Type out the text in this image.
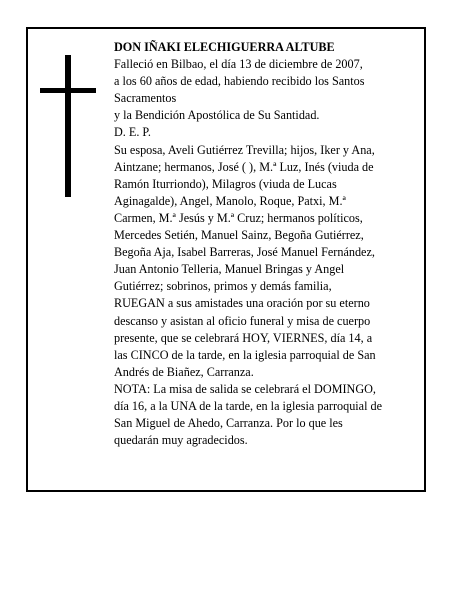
DON IÑAKI ELECHIGUERRA ALTUBE

Falleció en Bilbao, el día 13 de diciembre de 2007,

a los 60 años de edad, habiendo recibido los Santos

Sacramentos

y la Bendición Apostólica de Su Santidad.

D. E. P.

Su esposa, Aveli Gutiérrez Trevilla; hijos, Iker y Ana,

Aintzane; hermanos, José ( ), M.ª Luz, Inés (viuda de

Ramón Iturriondo), Milagros (viuda de Lucas

Aginagalde), Angel, Manolo, Roque, Patxi, M.ª

Carmen, M.ª Jesús y M.ª Cruz; hermanos políticos,

Mercedes Setién, Manuel Sainz, Begoña Gutiérrez,

Begoña Aja, Isabel Barreras, José Manuel Fernández,

Juan Antonio Telleria, Manuel Bringas y Angel

Gutiérrez; sobrinos, primos y demás familia,

RUEGAN a sus amistades una oración por su eterno

descanso y asistan al oficio funeral y misa de cuerpo

presente, que se celebrará HOY, VIERNES, día 14, a

las CINCO de la tarde, en la iglesia parroquial de San

Andrés de Biañez, Carranza.

NOTA: La misa de salida se celebrará el DOMINGO,

día 16, a la UNA de la tarde, en la iglesia parroquial de

San Miguel de Ahedo, Carranza. Por lo que les

quedarán muy agradecidos.
